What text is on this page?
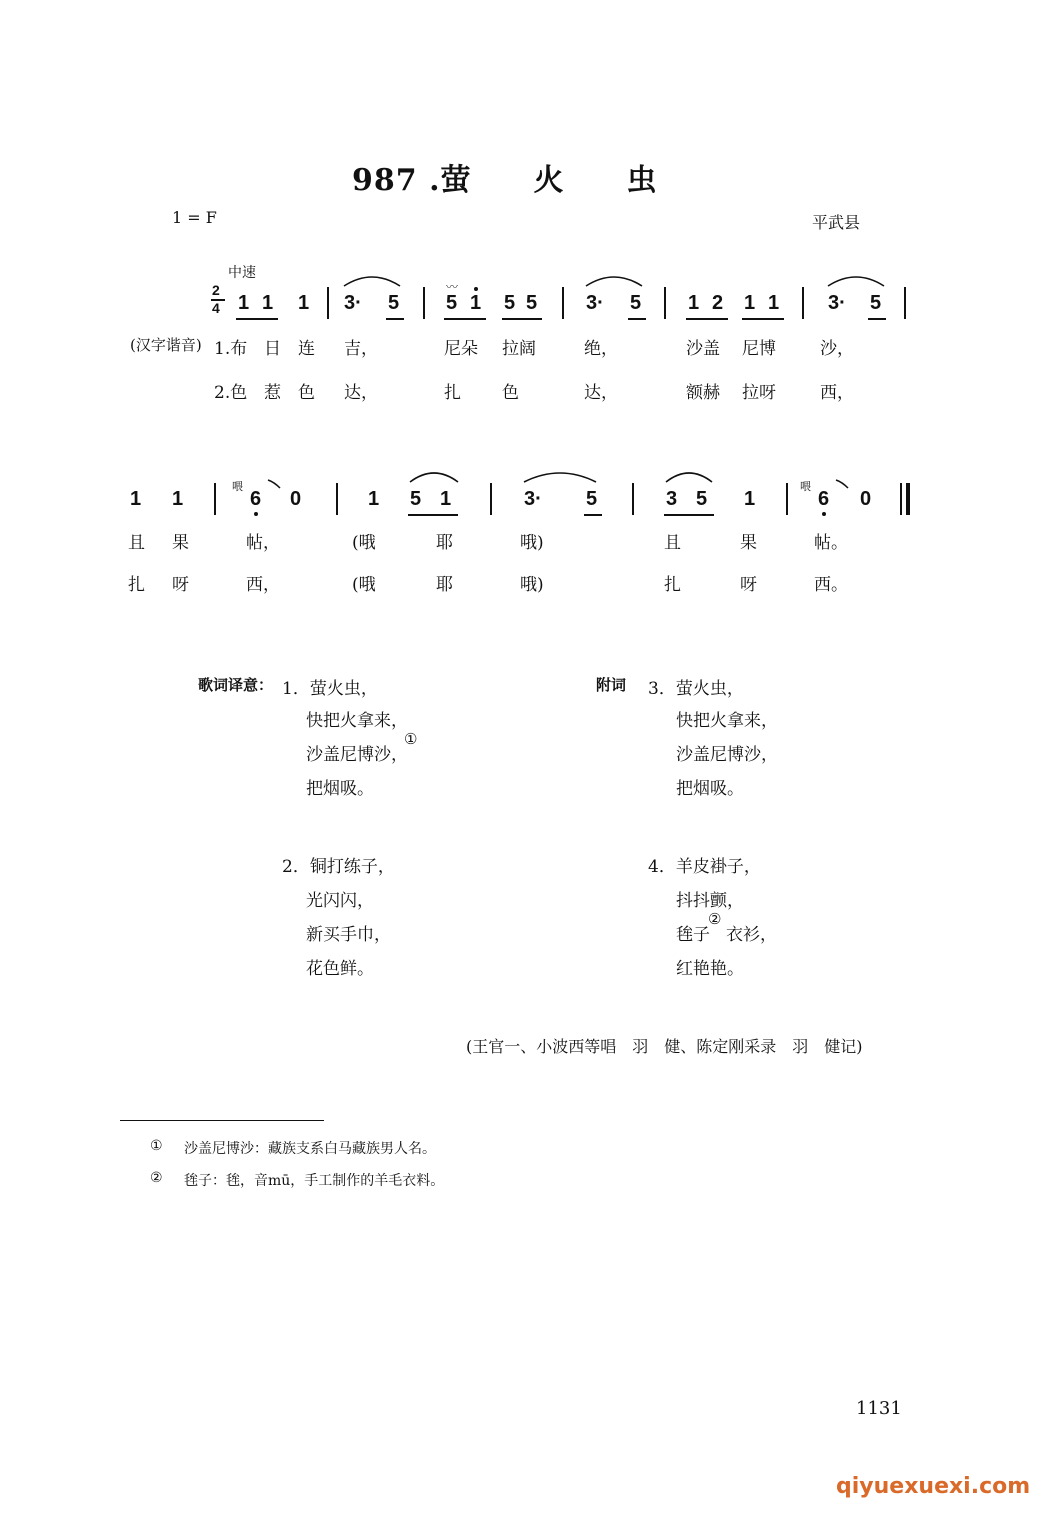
987 .萤　　火　　虫
1 = F	平武县
中速
2
4 1 1 1 3· 5
〰
5 1 5 5 3· 5 1 2 1 1 3· 5
(汉字谐音) 1.布 日 连 吉，	尼朵 拉阔	绝，	沙盖 尼博	沙，
2.色 惹 色 达，	扎 色	达，	额赫 拉呀	西，
1 1
喂
6 0	1 5 1	3· 5	3 5 1
喂
6 0
且 果	帖，	(哦	耶	哦)	且	果	帖。
扎 呀	西，	(哦	耶	哦)	扎	呀	西。
歌词译意： 1．萤火虫，
快把火拿来，
沙盖尼博沙，
①
把烟吸。
2．铜打练子，
光闪闪，
新买手巾，
花色鲜。
附词 3．萤火虫，
快把火拿来，
沙盖尼博沙，
把烟吸。
4．羊皮褂子，
抖抖颤，
毪子
②
衣衫，
红艳艳。
(王官一、小波西等唱　羽　健、陈定刚采录　羽　健记)
① 沙盖尼博沙：藏族支系白马藏族男人名。
② 毪子：毪，音mū，手工制作的羊毛衣料。
1131
qiyuexuexi.com
